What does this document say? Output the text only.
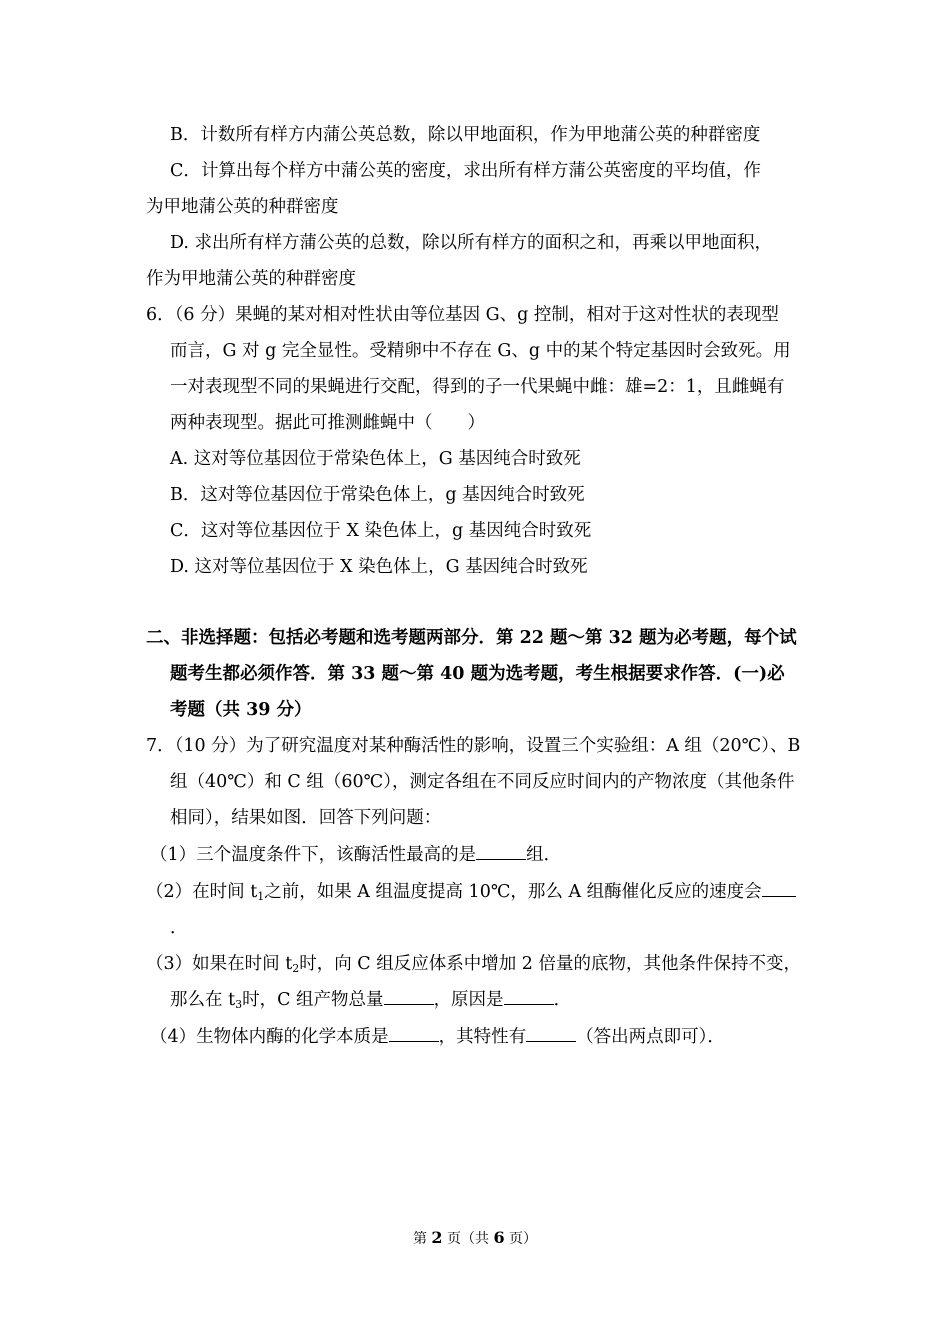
B．计数所有样方内蒲公英总数，除以甲地面积，作为甲地蒲公英的种群密度
C．计算出每个样方中蒲公英的密度，求出所有样方蒲公英密度的平均值，作
为甲地蒲公英的种群密度
D. 求出所有样方蒲公英的总数，除以所有样方的面积之和，再乘以甲地面积，
作为甲地蒲公英的种群密度
6．（6 分）果蝇的某对相对性状由等位基因 G、g 控制，相对于这对性状的表现型
而言，G 对 g 完全显性。受精卵中不存在 G、g 中的某个特定基因时会致死。用
一对表现型不同的果蝇进行交配，得到的子一代果蝇中雌：雄=2：1，且雌蝇有
两种表现型。据此可推测雌蝇中（　　）
A. 这对等位基因位于常染色体上，G 基因纯合时致死
B．这对等位基因位于常染色体上，g 基因纯合时致死
C．这对等位基因位于 X 染色体上，g 基因纯合时致死
D. 这对等位基因位于 X 染色体上，G 基因纯合时致死
二、非选择题：包括必考题和选考题两部分．第 22 题～第 32 题为必考题，每个试
题考生都必须作答．第 33 题～第 40 题为选考题，考生根据要求作答．(一)必
考题（共 39 分）
7．（10 分）为了研究温度对某种酶活性的影响，设置三个实验组：A 组（20℃）、B
组（40℃）和 C 组（60℃），测定各组在不同反应时间内的产物浓度（其他条件
相同），结果如图．回答下列问题：
（1）三个温度条件下，该酶活性最高的是	组．
（2）在时间 $t_1$之前，如果 A 组温度提高 10℃，那么 A 组酶催化反应的速度会
．
（3）如果在时间 $t_2$时，向 C 组反应体系中增加 2 倍量的底物，其他条件保持不变，
那么在 $t_3$时，C 组产物总量	，原因是	．
（4）生物体内酶的化学本质是	，其特性有	（答出两点即可）．
第 2 页（共 6 页）
